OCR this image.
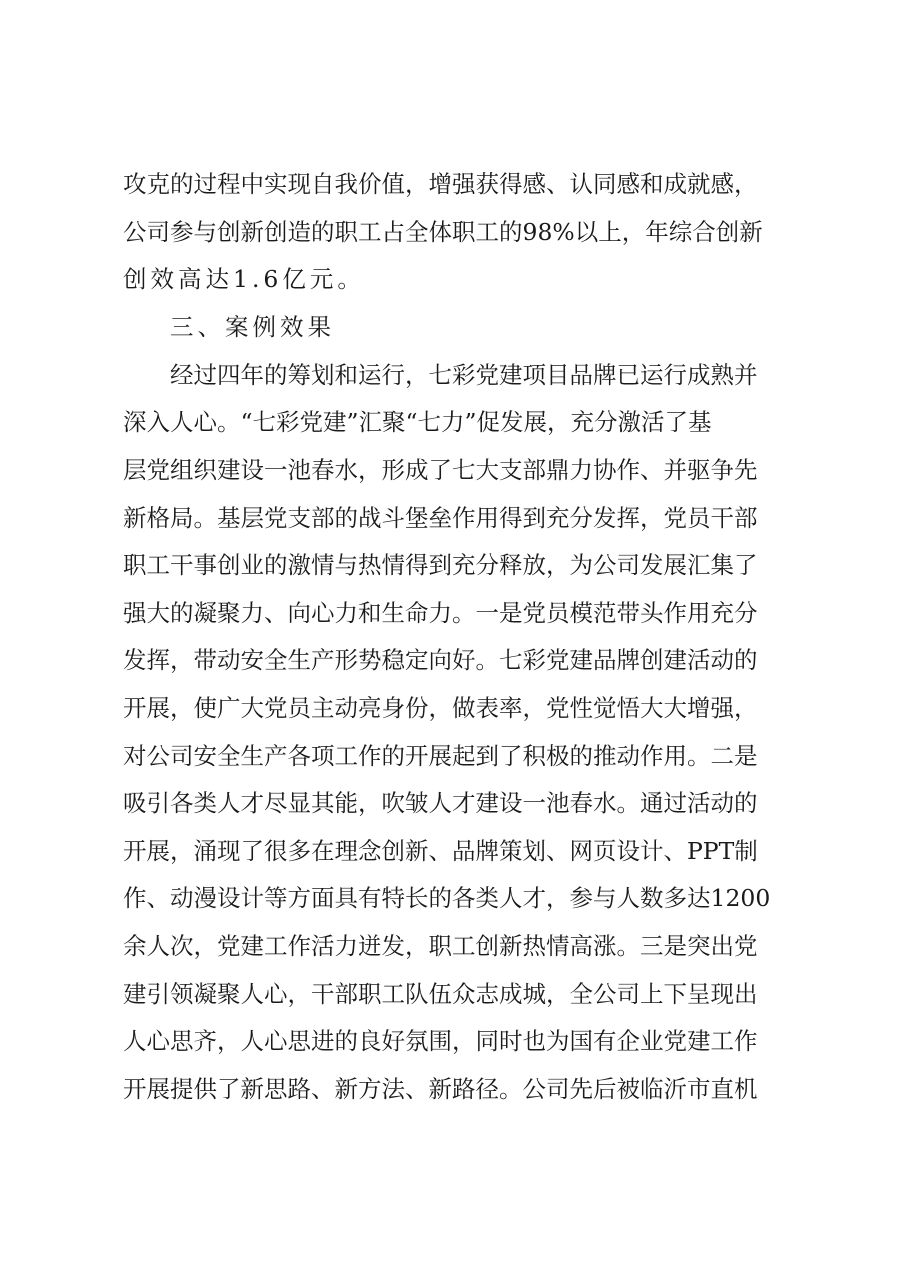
攻克的过程中实现自我价值，增强获得感、认同感和成就感，
公司参与创新创造的职工占全体职工的98%以上，年综合创新
创效高达1.6亿元。
三、案例效果
经过四年的筹划和运行，七彩党建项目品牌已运行成熟并
深入人心。“七彩党建”汇聚“七力”促发展，充分激活了基
层党组织建设一池春水，形成了七大支部鼎力协作、并驱争先
新格局。基层党支部的战斗堡垒作用得到充分发挥，党员干部
职工干事创业的激情与热情得到充分释放，为公司发展汇集了
强大的凝聚力、向心力和生命力。一是党员模范带头作用充分
发挥，带动安全生产形势稳定向好。七彩党建品牌创建活动的
开展，使广大党员主动亮身份，做表率，党性觉悟大大增强，
对公司安全生产各项工作的开展起到了积极的推动作用。二是
吸引各类人才尽显其能，吹皱人才建设一池春水。通过活动的
开展，涌现了很多在理念创新、品牌策划、网页设计、PPT制
作、动漫设计等方面具有特长的各类人才，参与人数多达1200
余人次，党建工作活力迸发，职工创新热情高涨。三是突出党
建引领凝聚人心，干部职工队伍众志成城，全公司上下呈现出
人心思齐，人心思进的良好氛围，同时也为国有企业党建工作
开展提供了新思路、新方法、新路径。公司先后被临沂市直机
